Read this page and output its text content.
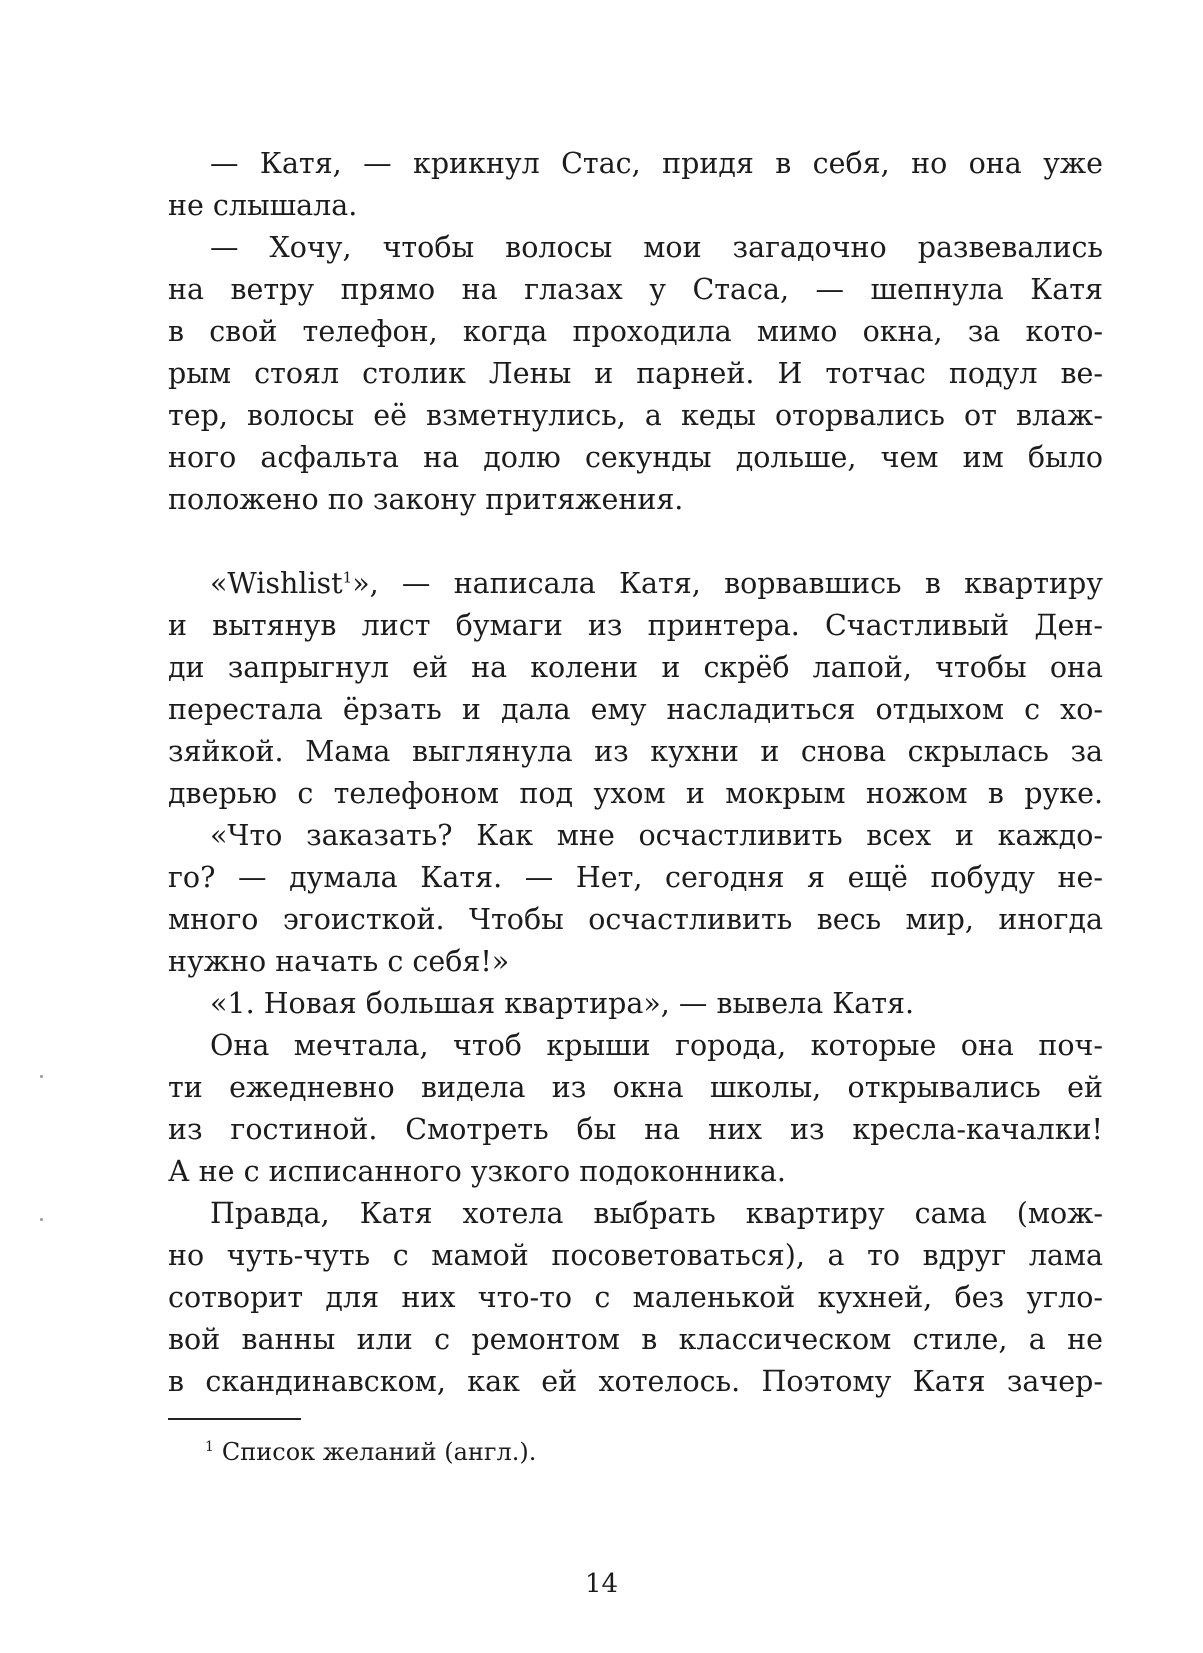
— Катя, — крикнул Стас, придя в себя, но она уже
не слышала.
— Хочу, чтобы волосы мои загадочно развевались
на ветру прямо на глазах у Стаса, — шепнула Катя
в свой телефон, когда проходила мимо окна, за кото-
рым стоял столик Лены и парней. И тотчас подул ве-
тер, волосы её взметнулись, а кеды оторвались от влаж-
ного асфальта на долю секунды дольше, чем им было
положено по закону притяжения.
«Wishlist$^1$», — написала Катя, ворвавшись в квартиру
и вытянув лист бумаги из принтера. Счастливый Ден-
ди запрыгнул ей на колени и скрёб лапой, чтобы она
перестала ёрзать и дала ему насладиться отдыхом с хо-
зяйкой. Мама выглянула из кухни и снова скрылась за
дверью с телефоном под ухом и мокрым ножом в руке.
«Что заказать? Как мне осчастливить всех и каждо-
го? — думала Катя. — Нет, сегодня я ещё побуду не-
много эгоисткой. Чтобы осчастливить весь мир, иногда
нужно начать с себя!»
«1. Новая большая квартира», — вывела Катя.
Она мечтала, чтоб крыши города, которые она поч-
ти ежедневно видела из окна школы, открывались ей
из гостиной. Смотреть бы на них из кресла-качалки!
А не с исписанного узкого подоконника.
Правда, Катя хотела выбрать квартиру сама (мож-
но чуть-чуть с мамой посоветоваться), а то вдруг лама
сотворит для них что-то с маленькой кухней, без угло-
вой ванны или с ремонтом в классическом стиле, а не
в скандинавском, как ей хотелось. Поэтому Катя зачер-
$^1$ Список желаний (англ.).
14
